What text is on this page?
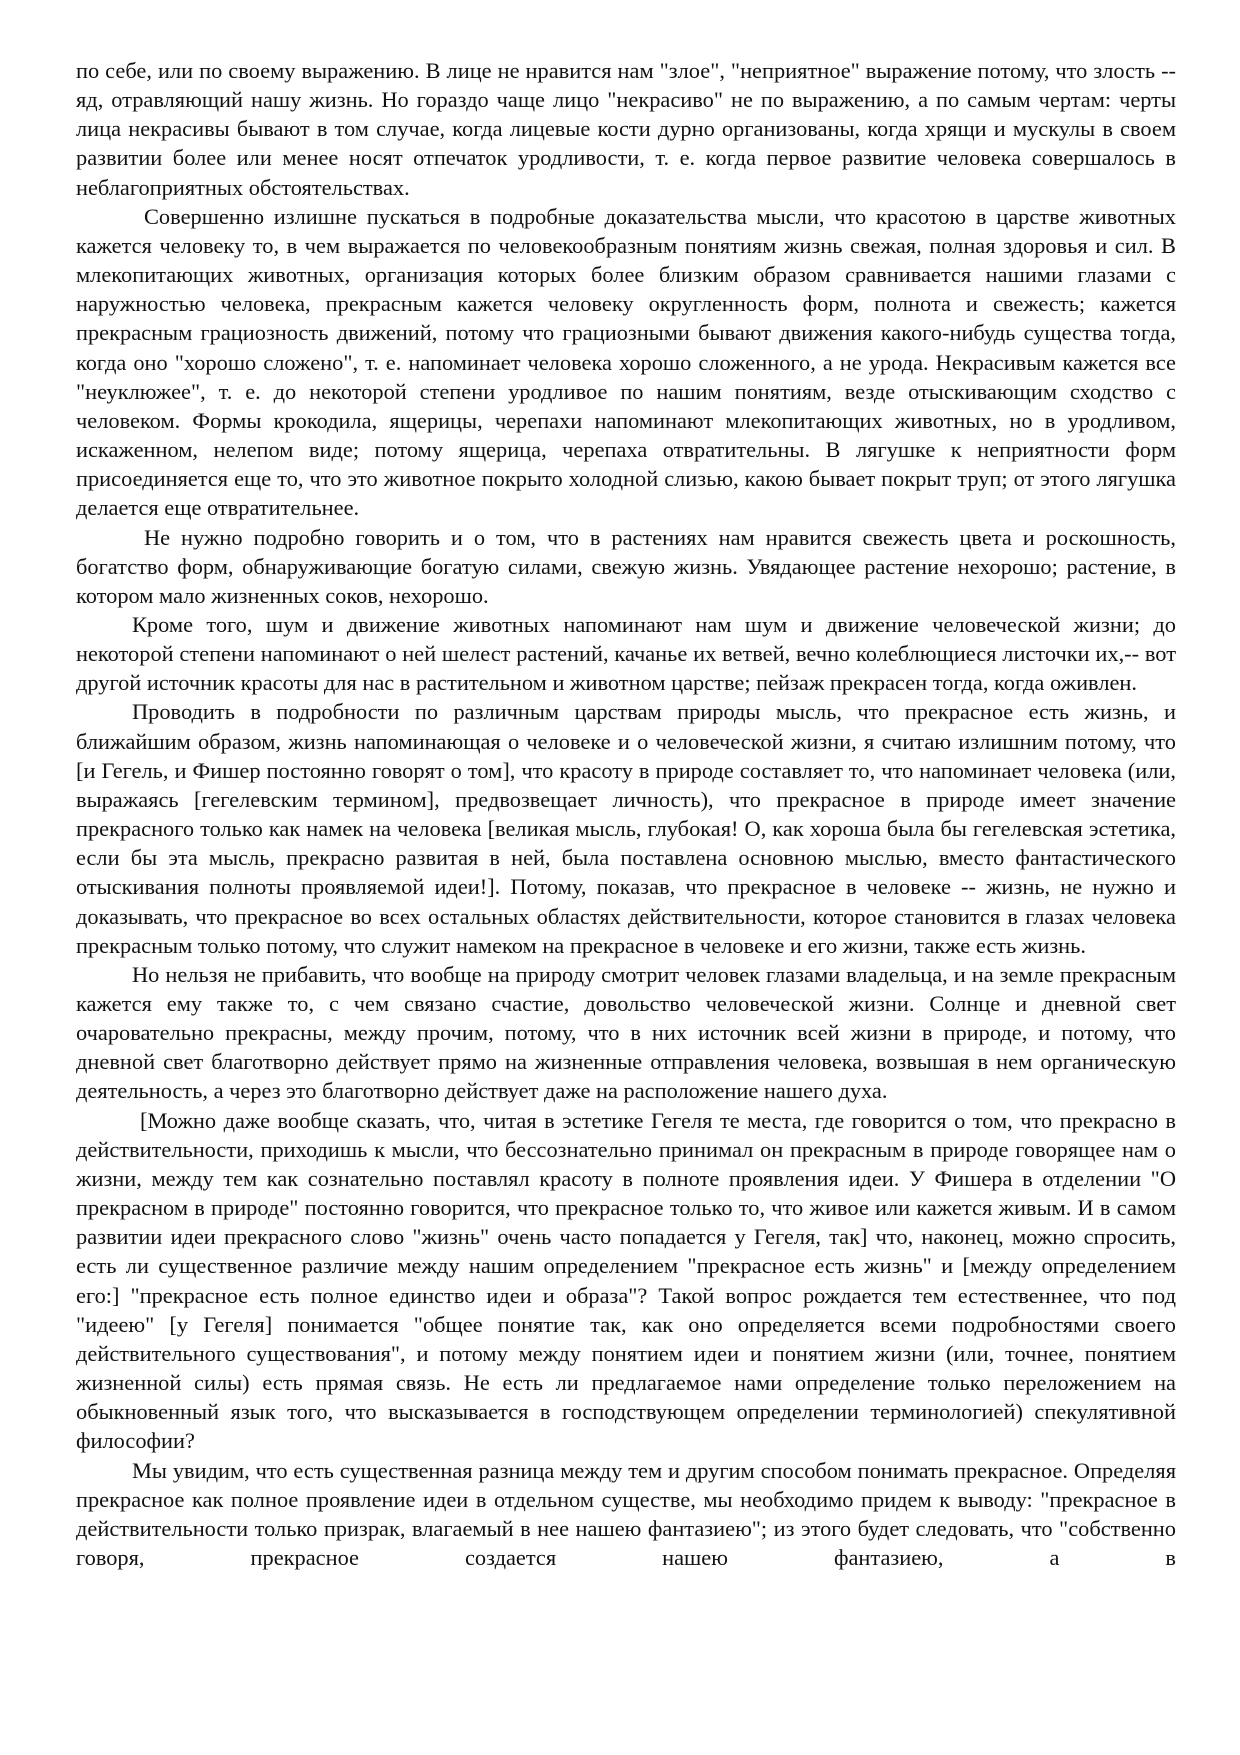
по себе, или по своему выражению. В лице не нравится нам "злое", "неприятное" выражение потому, что злость -- яд, отравляющий нашу жизнь. Но гораздо чаще лицо "некрасиво" не по выражению, а по самым чертам: черты лица некрасивы бывают в том случае, когда лицевые кости дурно организованы, когда хрящи и мускулы в своем развитии более или менее носят отпечаток уродливости, т. е. когда первое развитие человека совершалось в неблагоприятных обстоятельствах.

Совершенно излишне пускаться в подробные доказательства мысли, что красотою в царстве животных кажется человеку то, в чем выражается по человекообразным понятиям жизнь свежая, полная здоровья и сил. В млекопитающих животных, организация которых более близким образом сравнивается нашими глазами с наружностью человека, прекрасным кажется человеку округленность форм, полнота и свежесть; кажется прекрасным грациозность движений, потому что грациозными бывают движения какого-нибудь существа тогда, когда оно "хорошо сложено", т. е. напоминает человека хорошо сложенного, а не урода. Некрасивым кажется все "неуклюжее", т. е. до некоторой степени уродливое по нашим понятиям, везде отыскивающим сходство с человеком. Формы крокодила, ящерицы, черепахи напоминают млекопитающих животных, но в уродливом, искаженном, нелепом виде; потому ящерица, черепаха отвратительны. В лягушке к неприятности форм присоединяется еще то, что это животное покрыто холодной слизью, какою бывает покрыт труп; от этого лягушка делается еще отвратительнее.

Не нужно подробно говорить и о том, что в растениях нам нравится свежесть цвета и роскошность, богатство форм, обнаруживающие богатую силами, свежую жизнь. Увядающее растение нехорошо; растение, в котором мало жизненных соков, нехорошо.

Кроме того, шум и движение животных напоминают нам шум и движение человеческой жизни; до некоторой степени напоминают о ней шелест растений, качанье их ветвей, вечно колеблющиеся листочки их,-- вот другой источник красоты для нас в растительном и животном царстве; пейзаж прекрасен тогда, когда оживлен.

Проводить в подробности по различным царствам природы мысль, что прекрасное есть жизнь, и ближайшим образом, жизнь напоминающая о человеке и о человеческой жизни, я считаю излишним потому, что [и Гегель, и Фишер постоянно говорят о том], что красоту в природе составляет то, что напоминает человека (или, выражаясь [гегелевским термином], предвозвещает личность), что прекрасное в природе имеет значение прекрасного только как намек на человека [великая мысль, глубокая! О, как хороша была бы гегелевская эстетика, если бы эта мысль, прекрасно развитая в ней, была поставлена основною мыслью, вместо фантастического отыскивания полноты проявляемой идеи!]. Потому, показав, что прекрасное в человеке -- жизнь, не нужно и доказывать, что прекрасное во всех остальных областях действительности, которое становится в глазах человека прекрасным только потому, что служит намеком на прекрасное в человеке и его жизни, также есть жизнь.

Но нельзя не прибавить, что вообще на природу смотрит человек глазами владельца, и на земле прекрасным кажется ему также то, с чем связано счастие, довольство человеческой жизни. Солнце и дневной свет очаровательно прекрасны, между прочим, потому, что в них источник всей жизни в природе, и потому, что дневной свет благотворно действует прямо на жизненные отправления человека, возвышая в нем органическую деятельность, а через это благотворно действует даже на расположение нашего духа.

[Можно даже вообще сказать, что, читая в эстетике Гегеля те места, где говорится о том, что прекрасно в действительности, приходишь к мысли, что бессознательно принимал он прекрасным в природе говорящее нам о жизни, между тем как сознательно поставлял красоту в полноте проявления идеи. У Фишера в отделении "О прекрасном в природе" постоянно говорится, что прекрасное только то, что живое или кажется живым. И в самом развитии идеи прекрасного слово "жизнь" очень часто попадается у Гегеля, так] что, наконец, можно спросить, есть ли существенное различие между нашим определением "прекрасное есть жизнь" и [между определением его:] "прекрасное есть полное единство идеи и образа"? Такой вопрос рождается тем естественнее, что под "идеею" [у Гегеля] понимается "общее понятие так, как оно определяется всеми подробностями своего действительного существования", и потому между понятием идеи и понятием жизни (или, точнее, понятием жизненной силы) есть прямая связь. Не есть ли предлагаемое нами определение только переложением на обыкновенный язык того, что высказывается в господствующем определении терминологией) спекулятивной философии?

Мы увидим, что есть существенная разница между тем и другим способом понимать прекрасное. Определяя прекрасное как полное проявление идеи в отдельном существе, мы необходимо придем к выводу: "прекрасное в действительности только призрак, влагаемый в нее нашею фантазиею"; из этого будет следовать, что "собственно говоря, прекрасное создается нашею фантазиею, а в
